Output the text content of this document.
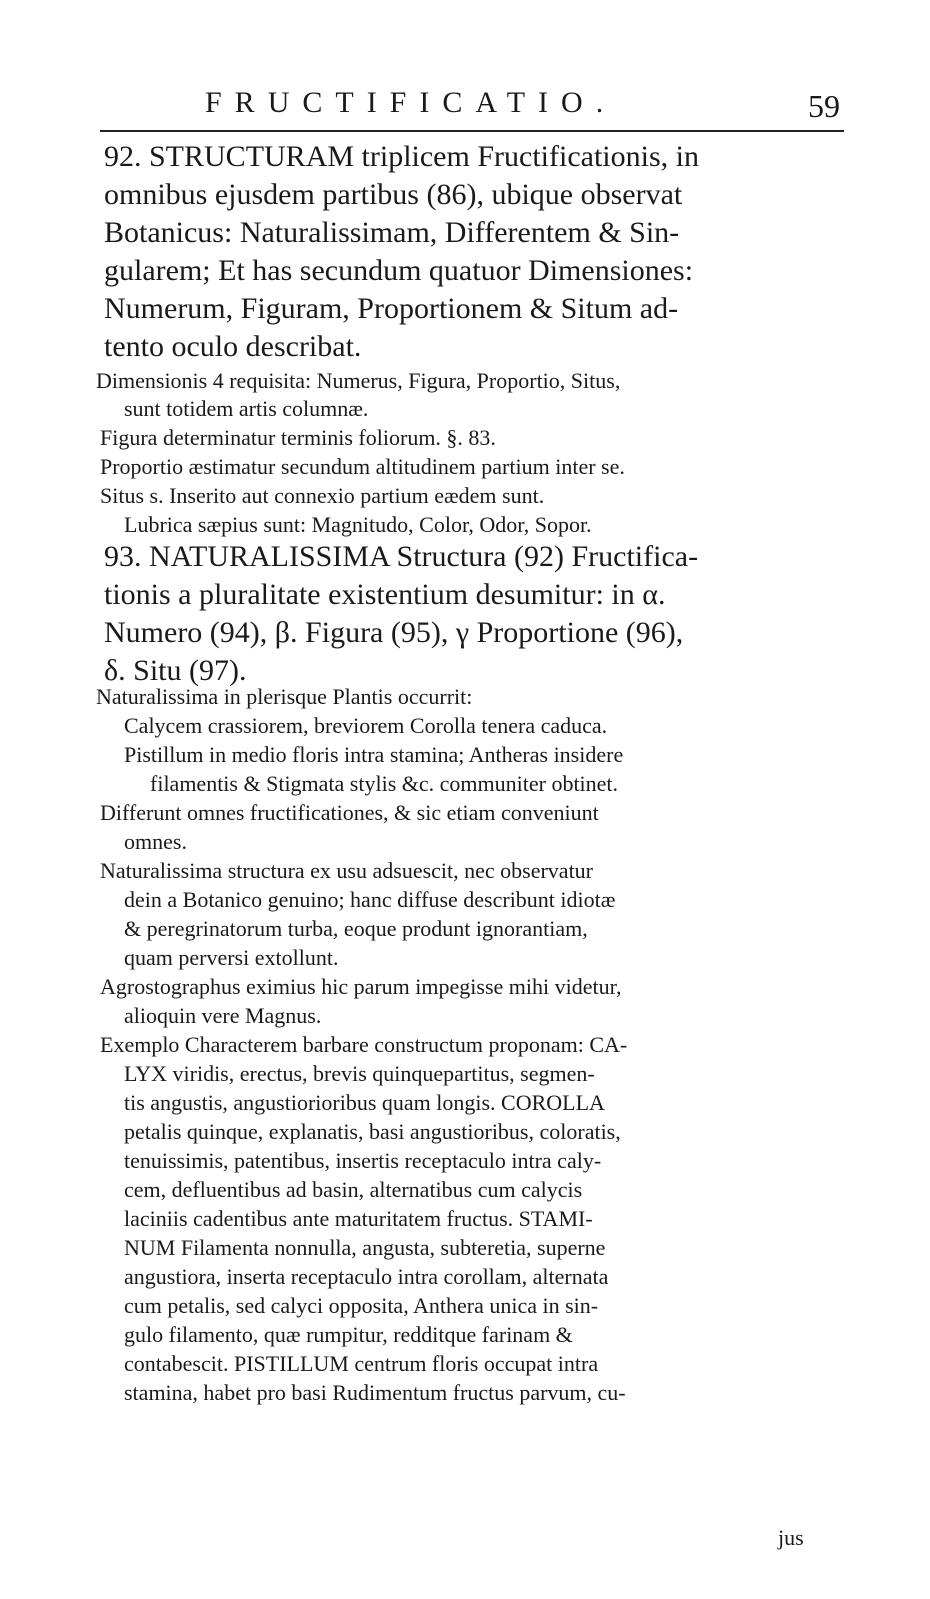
FRUCTIFICATIO.	59
92. STRUCTURAM triplicem Fructificationis, in
omnibus ejusdem partibus (86), ubique observat
Botanicus: Naturalissimam, Differentem & Sin-
gularem; Et has secundum quatuor Dimensiones:
Numerum, Figuram, Proportionem & Situm ad-
tento oculo describat.
Dimensionis 4 requisita: Numerus, Figura, Proportio, Situs,
sunt totidem artis columnæ.
Figura determinatur terminis foliorum. §. 83.
Proportio æstimatur secundum altitudinem partium inter se.
Situs s. Inserito aut connexio partium eædem sunt.
Lubrica sæpius sunt: Magnitudo, Color, Odor, Sopor.
93. NATURALISSIMA Structura (92) Fructifica-
tionis a pluralitate existentium desumitur: in α.
Numero (94), β. Figura (95), γ Proportione (96),
δ. Situ (97).
Naturalissima in plerisque Plantis occurrit:
Calycem crassiorem, breviorem Corolla tenera caduca.
Pistillum in medio floris intra stamina; Antheras insidere
filamentis & Stigmata stylis &c. communiter obtinet.
Differunt omnes fructificationes, & sic etiam conveniunt
omnes.
Naturalissima structura ex usu adsuescit, nec observatur
dein a Botanico genuino; hanc diffuse describunt idiotæ
& peregrinatorum turba, eoque produnt ignorantiam,
quam perversi extollunt.
Agrostographus eximius hic parum impegisse mihi videtur,
alioquin vere Magnus.
Exemplo Characterem barbare constructum proponam: CA-
LYX viridis, erectus, brevis quinquepartitus, segmen-
tis angustis, angustiorioribus quam longis. COROLLA
petalis quinque, explanatis, basi angustioribus, coloratis,
tenuissimis, patentibus, insertis receptaculo intra caly-
cem, defluentibus ad basin, alternatibus cum calycis
laciniis cadentibus ante maturitatem fructus. STAMI-
NUM Filamenta nonnulla, angusta, subteretia, superne
angustiora, inserta receptaculo intra corollam, alternata
cum petalis, sed calyci opposita, Anthera unica in sin-
gulo filamento, quæ rumpitur, redditque farinam &
contabescit. PISTILLUM centrum floris occupat intra
stamina, habet pro basi Rudimentum fructus parvum, cu-
jus
